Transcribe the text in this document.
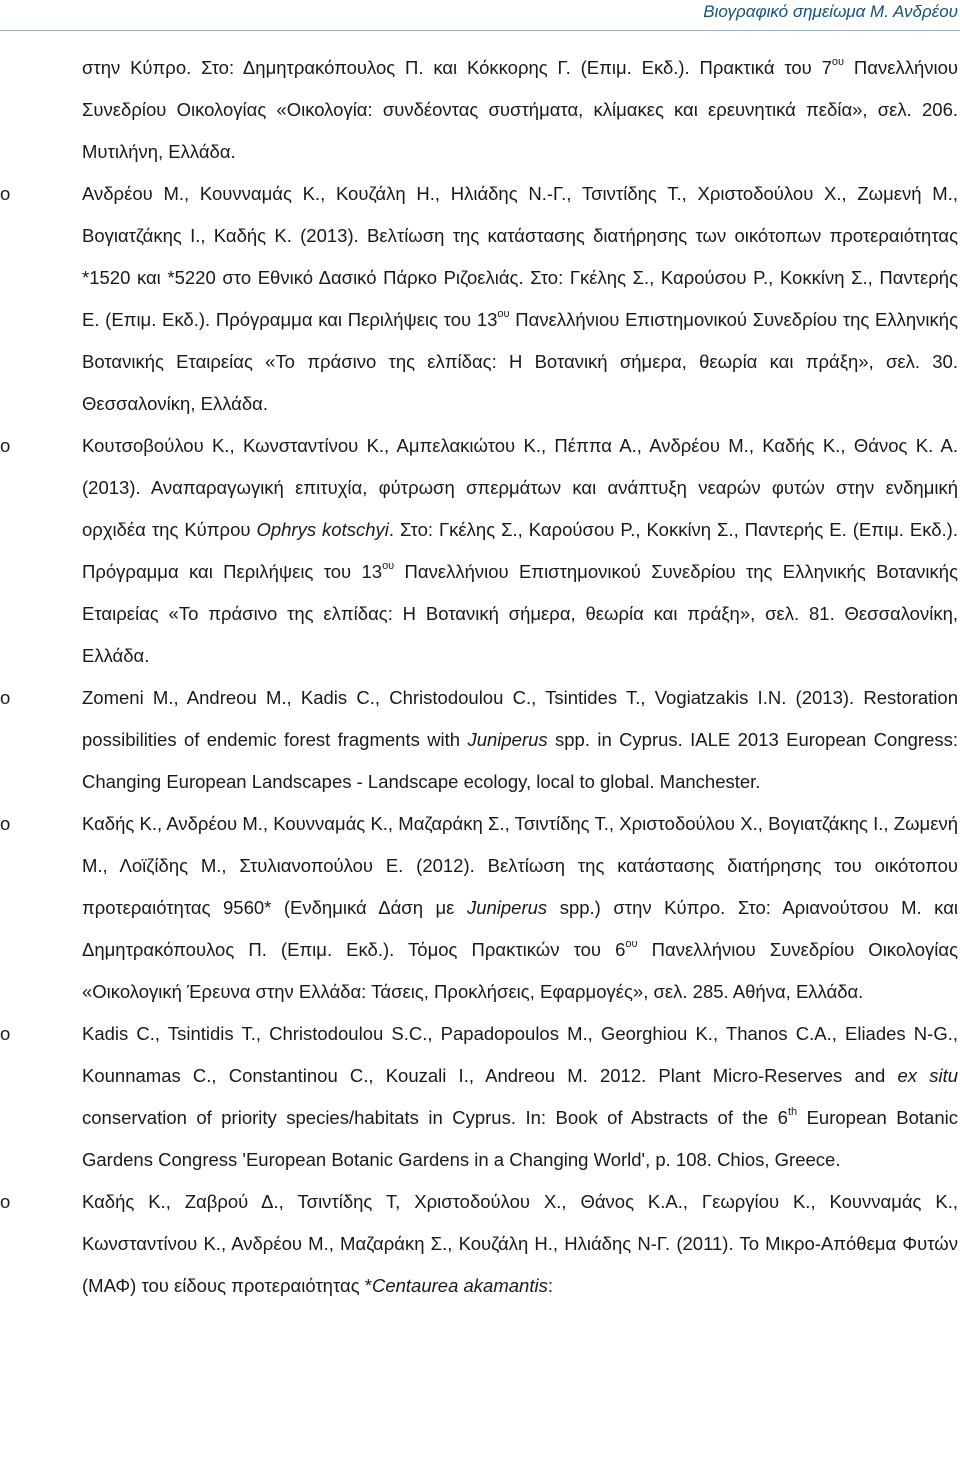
Βιογραφικό σημείωμα Μ. Ανδρέου

στην Κύπρο. Στο: Δημητρακόπουλος Π. και Κόκκορης Γ. (Επιμ. Εκδ.). Πρακτικά του $7^{o\upsilon}$ Πανελλήνιου Συνεδρίου Οικολογίας «Οικολογία: συνδέοντας συστήματα, κλίμακες και ερευνητικά πεδία», σελ. 206. Μυτιλήνη, Ελλάδα.

o	Ανδρέου Μ., Κουνναμάς Κ., Κουζάλη Η., Ηλιάδης Ν.-Γ., Τσιντίδης Τ., Χριστοδούλου Χ., Ζωμενή Μ., Βογιατζάκης Ι., Καδής Κ. (2013). Βελτίωση της κατάστασης διατήρησης των οικότοπων προτεραιότητας *1520 και *5220 στο Εθνικό Δασικό Πάρκο Ριζοελιάς. Στο: Γκέλης Σ., Καρούσου Ρ., Κοκκίνη Σ., Παντερής Ε. (Επιμ. Εκδ.). Πρόγραμμα και Περιλήψεις του $13^{o\upsilon}$ Πανελλήνιου Επιστημονικού Συνεδρίου της Ελληνικής Βοτανικής Εταιρείας «Το πράσινο της ελπίδας: Η Βοτανική σήμερα, θεωρία και πράξη», σελ. 30. Θεσσαλονίκη, Ελλάδα.

o	Κουτσοβούλου Κ., Κωνσταντίνου Κ., Αμπελακιώτου Κ., Πέππα Α., Ανδρέου Μ., Καδής Κ., Θάνος Κ. Α. (2013). Αναπαραγωγική επιτυχία, φύτρωση σπερμάτων και ανάπτυξη νεαρών φυτών στην ενδημική ορχιδέα της Κύπρου Ophrys kotschyi. Στο: Γκέλης Σ., Καρούσου Ρ., Κοκκίνη Σ., Παντερής Ε. (Επιμ. Εκδ.). Πρόγραμμα και Περιλήψεις του $13^{o\upsilon}$ Πανελλήνιου Επιστημονικού Συνεδρίου της Ελληνικής Βοτανικής Εταιρείας «Το πράσινο της ελπίδας: Η Βοτανική σήμερα, θεωρία και πράξη», σελ. 81. Θεσσαλονίκη, Ελλάδα.

o	Zomeni M., Andreou M., Kadis C., Christodoulou C., Tsintides T., Vogiatzakis I.N. (2013). Restoration possibilities of endemic forest fragments with Juniperus spp. in Cyprus. IALE 2013 European Congress: Changing European Landscapes - Landscape ecology, local to global. Manchester.

o	Καδής Κ., Ανδρέου Μ., Κουνναμάς Κ., Μαζαράκη Σ., Τσιντίδης Τ., Χριστοδούλου Χ., Βογιατζάκης Ι., Ζωμενή Μ., Λοϊζίδης Μ., Στυλιανοπούλου Ε. (2012). Βελτίωση της κατάστασης διατήρησης του οικότοπου προτεραιότητας 9560* (Ενδημικά Δάση με Juniperus spp.) στην Κύπρο. Στο: Αριανούτσου Μ. και Δημητρακόπουλος Π. (Επιμ. Εκδ.). Τόμος Πρακτικών του $6^{o\upsilon}$ Πανελλήνιου Συνεδρίου Οικολογίας «Οικολογική Έρευνα στην Ελλάδα: Τάσεις, Προκλήσεις, Εφαρμογές», σελ. 285. Αθήνα, Ελλάδα.

o	Kadis C., Tsintidis T., Christodoulou S.C., Papadopoulos M., Georghiou K., Thanos C.A., Eliades N-G., Kounnamas C., Constantinou C., Kouzali I., Andreou M. 2012. Plant Micro-Reserves and ex situ conservation of priority species/habitats in Cyprus. In: Book of Abstracts of the 6th European Botanic Gardens Congress 'European Botanic Gardens in a Changing World', p. 108. Chios, Greece.

o	Καδής Κ., Ζαβρού Δ., Τσιντίδης Τ, Χριστοδούλου Χ., Θάνος Κ.Α., Γεωργίου Κ., Κουνναμάς Κ., Κωνσταντίνου Κ., Ανδρέου Μ., Μαζαράκη Σ., Κουζάλη Η., Ηλιάδης Ν-Γ. (2011). Το Μικρο-Απόθεμα Φυτών (ΜΑΦ) του είδους προτεραιότητας *Centaurea akamantis:
